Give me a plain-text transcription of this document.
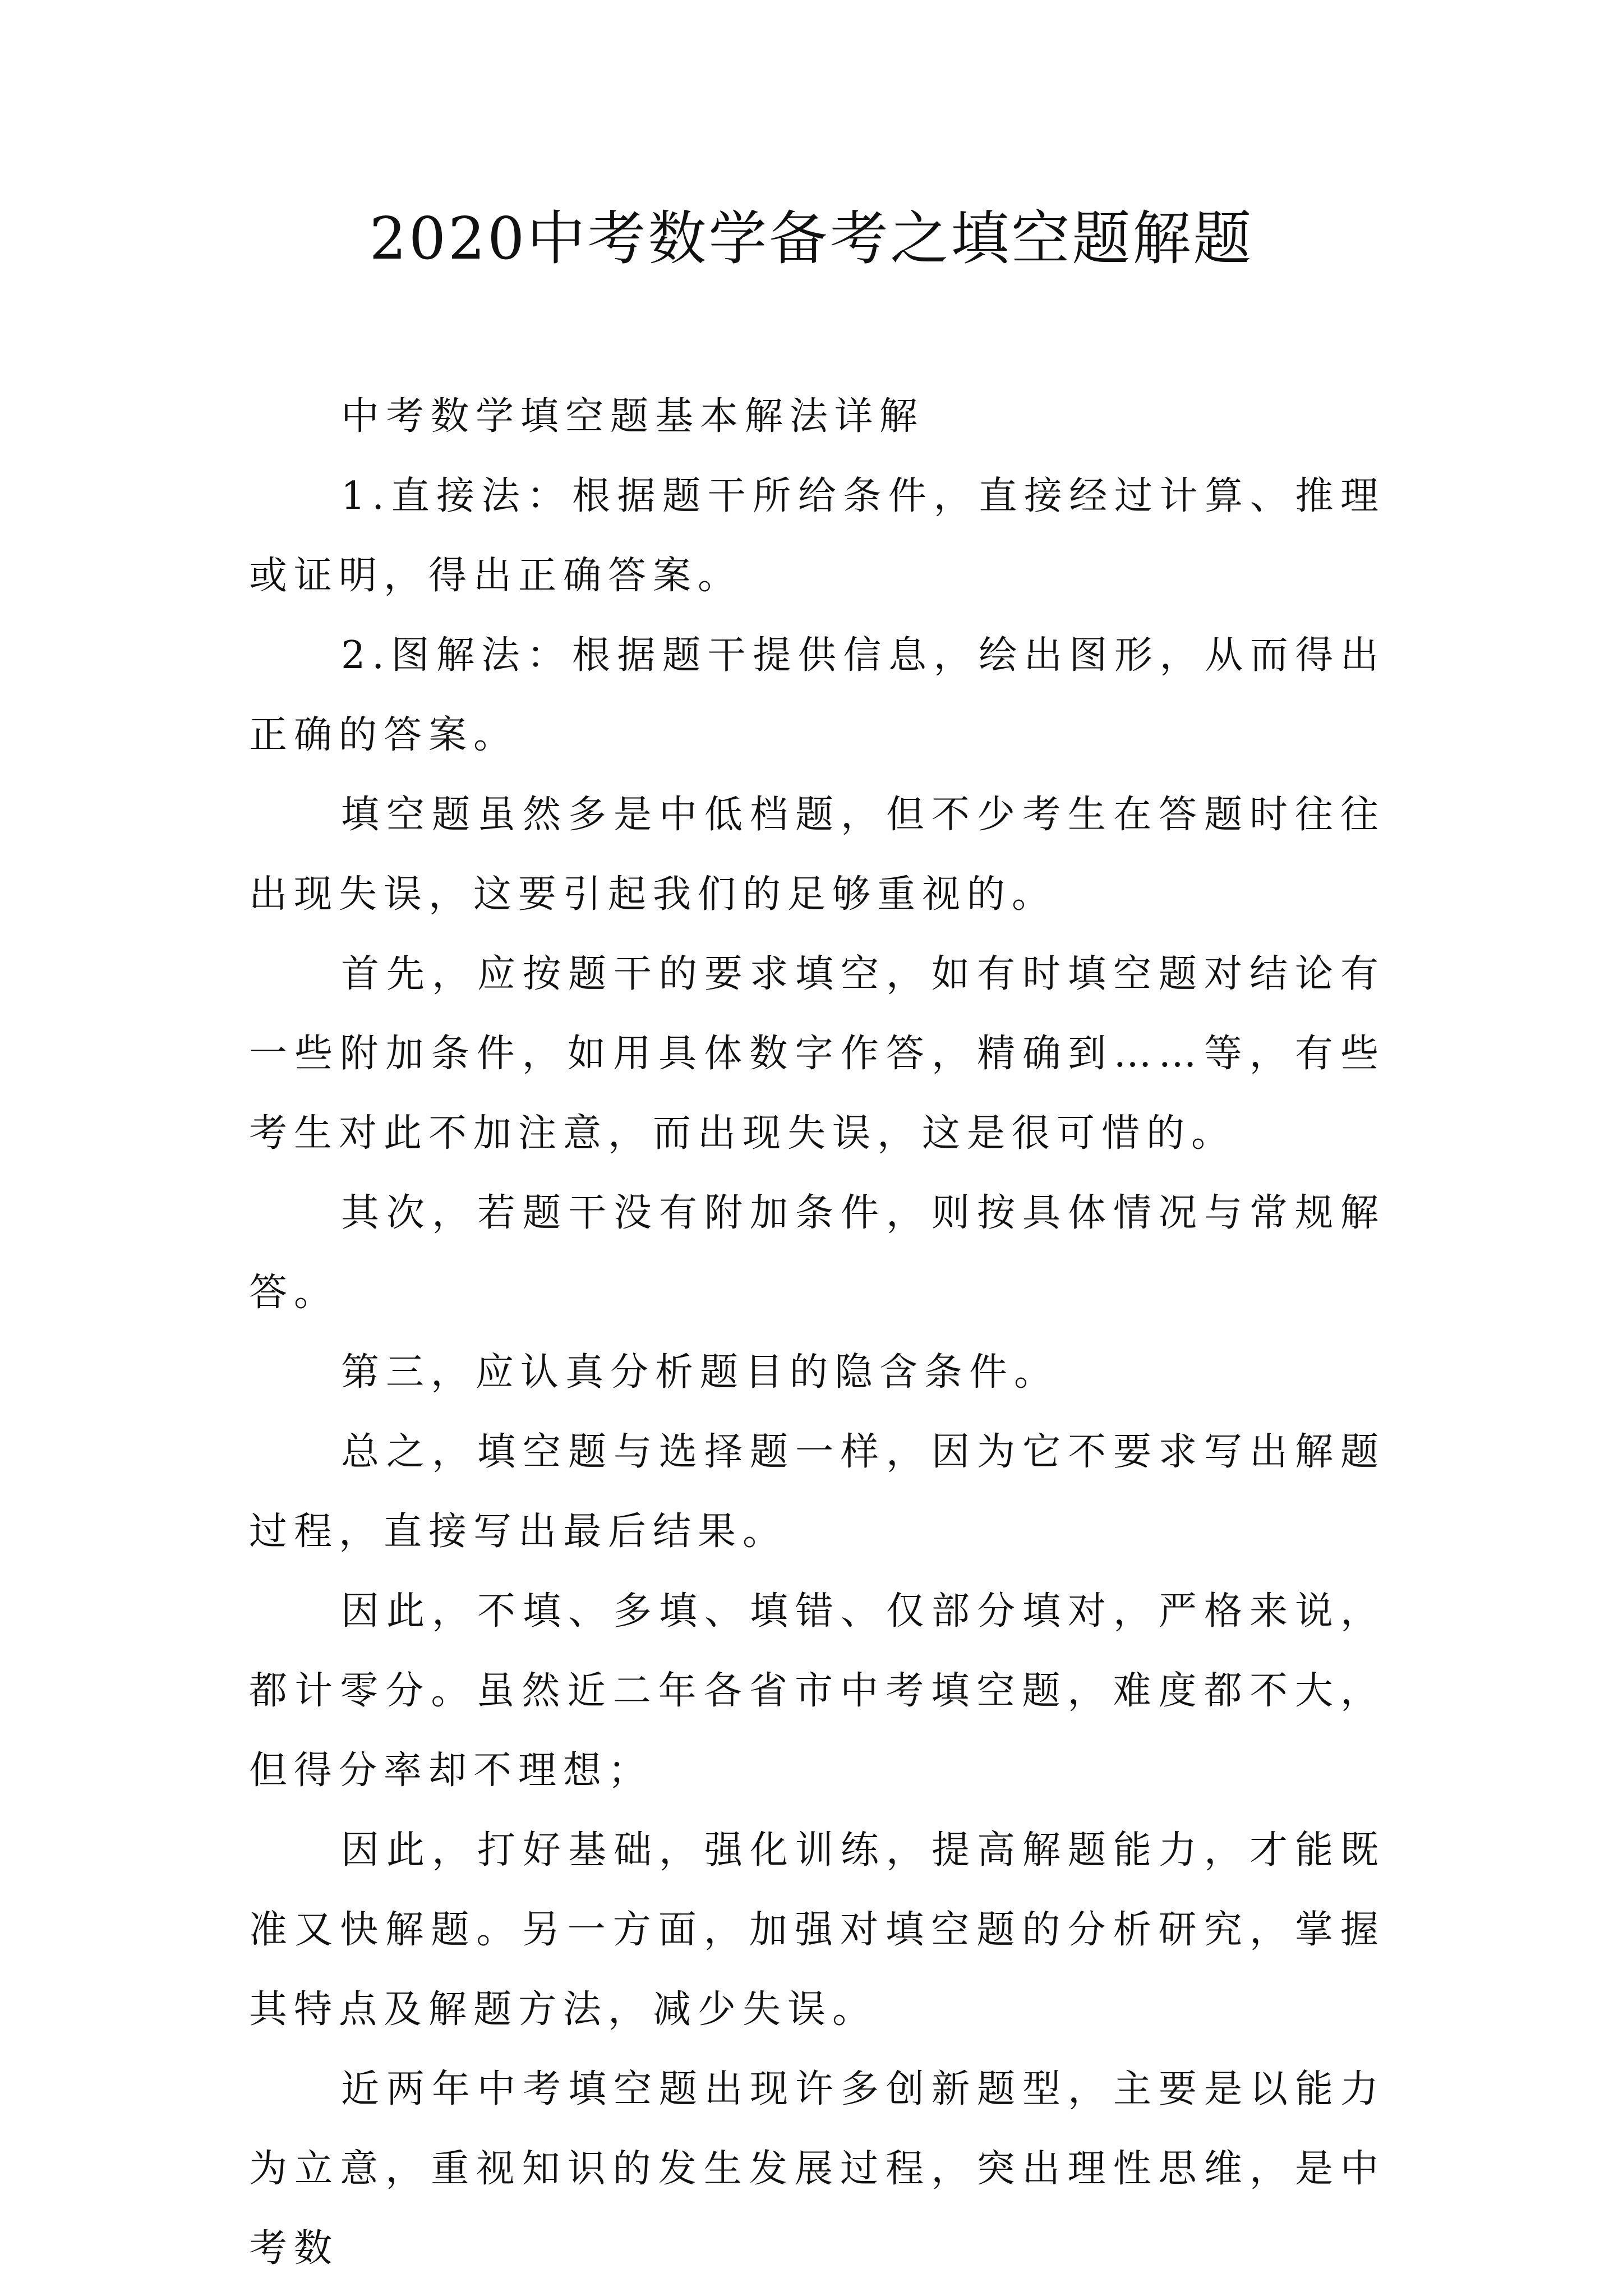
2020中考数学备考之填空题解题

中考数学填空题基本解法详解

1.直接法：根据题干所给条件，直接经过计算、推理或证明，得出正确答案。

2.图解法：根据题干提供信息，绘出图形，从而得出正确的答案。

填空题虽然多是中低档题，但不少考生在答题时往往出现失误，这要引起我们的足够重视的。

首先，应按题干的要求填空，如有时填空题对结论有一些附加条件，如用具体数字作答，精确到……等，有些考生对此不加注意，而出现失误，这是很可惜的。

其次，若题干没有附加条件，则按具体情况与常规解答。

第三，应认真分析题目的隐含条件。

总之，填空题与选择题一样，因为它不要求写出解题过程，直接写出最后结果。

因此，不填、多填、填错、仅部分填对，严格来说，都计零分。虽然近二年各省市中考填空题，难度都不大，但得分率却不理想；

因此，打好基础，强化训练，提高解题能力，才能既准又快解题。另一方面，加强对填空题的分析研究，掌握其特点及解题方法，减少失误。

近两年中考填空题出现许多创新题型，主要是以能力为立意，重视知识的发生发展过程，突出理性思维，是中考数
